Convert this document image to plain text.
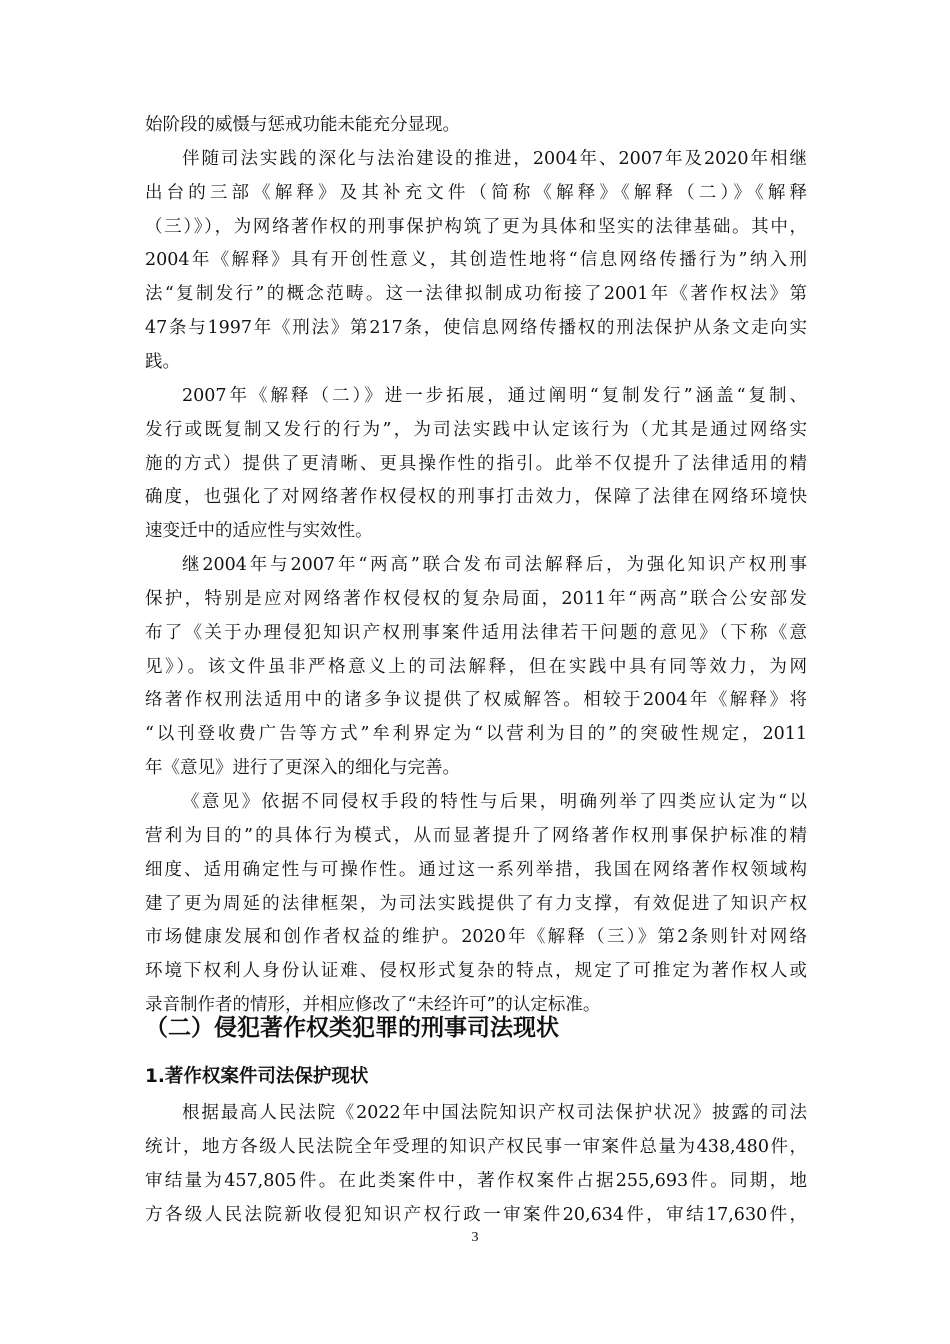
始阶段的威慑与惩戒功能未能充分显现。
伴随司法实践的深化与法治建设的推进，2004年、2007年及2020年相继
出台的三部《解释》及其补充文件（简称《解释》《解释（二）》《解释
（三）》），为网络著作权的刑事保护构筑了更为具体和坚实的法律基础。其中，
2004年《解释》具有开创性意义，其创造性地将“信息网络传播行为”纳入刑
法“复制发行”的概念范畴。这一法律拟制成功衔接了2001年《著作权法》第
47条与1997年《刑法》第217条，使信息网络传播权的刑法保护从条文走向实
践。
2007年《解释（二）》进一步拓展，通过阐明“复制发行”涵盖“复制、
发行或既复制又发行的行为”，为司法实践中认定该行为（尤其是通过网络实
施的方式）提供了更清晰、更具操作性的指引。此举不仅提升了法律适用的精
确度，也强化了对网络著作权侵权的刑事打击效力，保障了法律在网络环境快
速变迁中的适应性与实效性。
继2004年与2007年“两高”联合发布司法解释后，为强化知识产权刑事
保护，特别是应对网络著作权侵权的复杂局面，2011年“两高”联合公安部发
布了《关于办理侵犯知识产权刑事案件适用法律若干问题的意见》（下称《意
见》）。该文件虽非严格意义上的司法解释，但在实践中具有同等效力，为网
络著作权刑法适用中的诸多争议提供了权威解答。相较于2004年《解释》将
“以刊登收费广告等方式”牟利界定为“以营利为目的”的突破性规定，2011
年《意见》进行了更深入的细化与完善。
《意见》依据不同侵权手段的特性与后果，明确列举了四类应认定为“以
营利为目的”的具体行为模式，从而显著提升了网络著作权刑事保护标准的精
细度、适用确定性与可操作性。通过这一系列举措，我国在网络著作权领域构
建了更为周延的法律框架，为司法实践提供了有力支撑，有效促进了知识产权
市场健康发展和创作者权益的维护。2020年《解释（三）》第2条则针对网络
环境下权利人身份认证难、侵权形式复杂的特点，规定了可推定为著作权人或
（二）侵犯著作权类犯罪的刑事司法现状
1.著作权案件司法保护现状
根据最高人民法院《2022年中国法院知识产权司法保护状况》披露的司法
统计，地方各级人民法院全年受理的知识产权民事一审案件总量为438,480件，
审结量为457,805件。在此类案件中，著作权案件占据255,693件。同期，地
方各级人民法院新收侵犯知识产权行政一审案件20,634件，审结17,630件，
3
录音制作者的情形，并相应修改了“未经许可”的认定标准。
